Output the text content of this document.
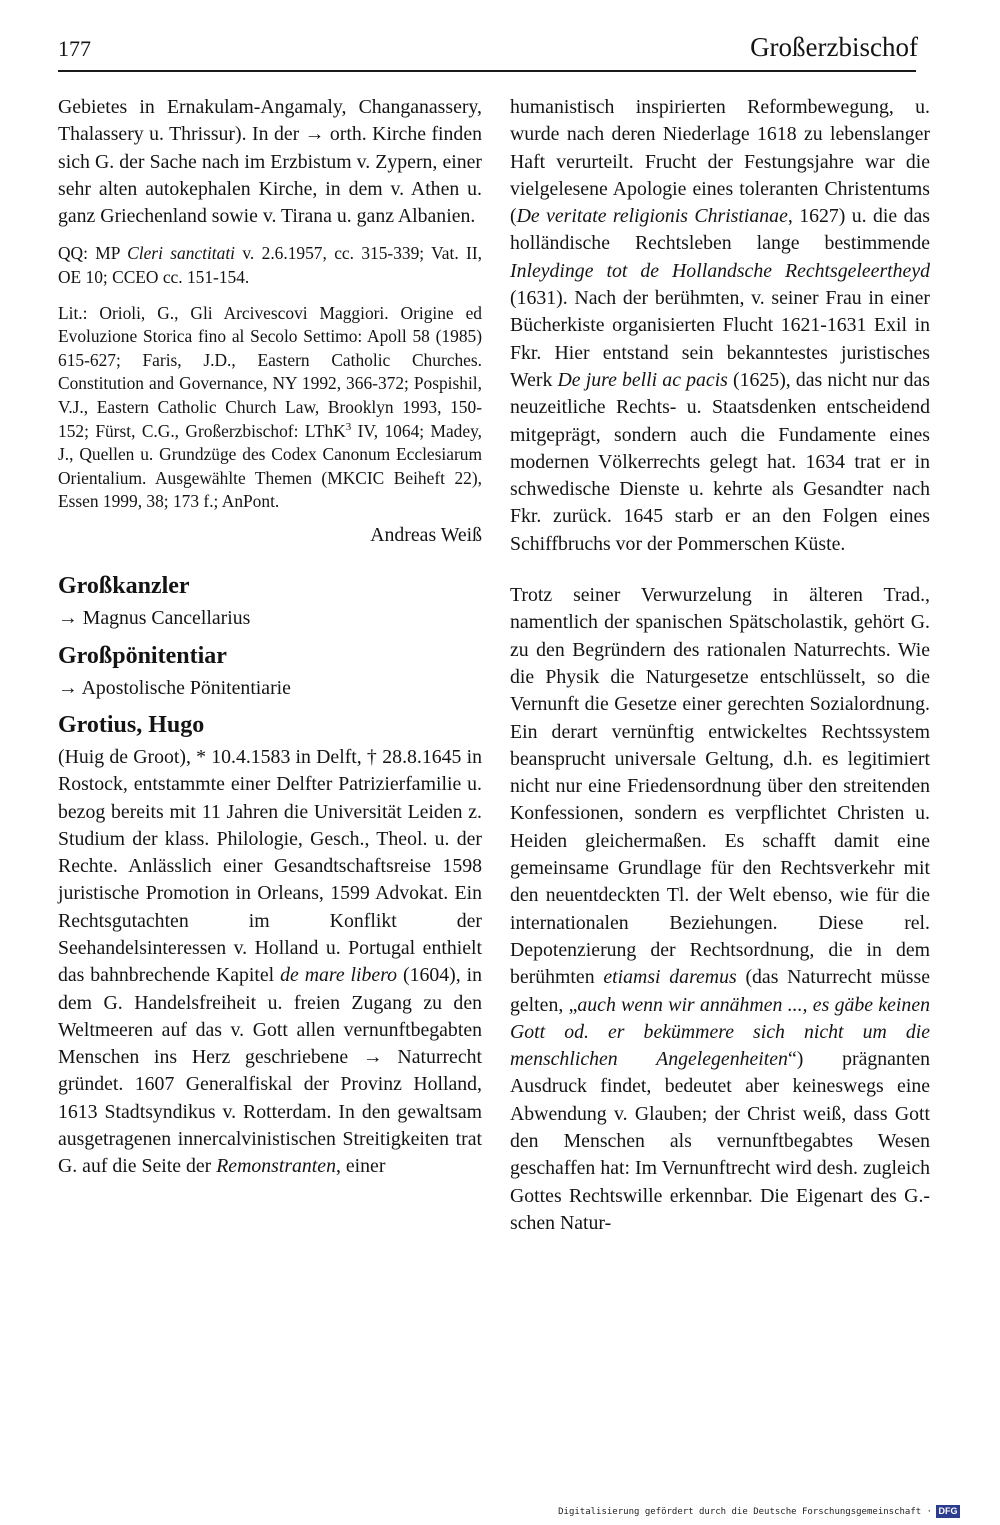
177	Großerzbischof

Gebietes in Ernakulam-Angamaly, Changanassery, Thalassery u. Thrissur). In der → orth. Kirche finden sich G. der Sache nach im Erzbistum v. Zypern, einer sehr alten autokephalen Kirche, in dem v. Athen u. ganz Griechenland sowie v. Tirana u. ganz Albanien.

QQ: MP Cleri sanctitati v. 2.6.1957, cc. 315-339; Vat. II, OE 10; CCEO cc. 151-154.

Lit.: Orioli, G., Gli Arcivescovi Maggiori. Origine ed Evoluzione Storica fino al Secolo Settimo: Apoll 58 (1985) 615-627; Faris, J.D., Eastern Catholic Churches. Constitution and Governance, NY 1992, 366-372; Pospishil, V.J., Eastern Catholic Church Law, Brooklyn 1993, 150-152; Fürst, C.G., Großerzbischof: LThK$^3$ IV, 1064; Madey, J., Quellen u. Grundzüge des Codex Canonum Ecclesiarum Orientalium. Ausgewählte Themen (MKCIC Beiheft 22), Essen 1999, 38; 173 f.; AnPont.

Andreas Weiß

Großkanzler

→ Magnus Cancellarius

Großpönitentiar

→ Apostolische Pönitentiarie

Grotius, Hugo

(Huig de Groot), * 10.4.1583 in Delft, † 28.8.1645 in Rostock, entstammte einer Delfter Patrizierfamilie u. bezog bereits mit 11 Jahren die Universität Leiden z. Studium der klass. Philologie, Gesch., Theol. u. der Rechte. Anlässlich einer Gesandtschaftsreise 1598 juristische Promotion in Orleans, 1599 Advokat. Ein Rechtsgutachten im Konflikt der Seehandelsinteressen v. Holland u. Portugal enthielt das bahnbrechende Kapitel de mare libero (1604), in dem G. Handelsfreiheit u. freien Zugang zu den Weltmeeren auf das v. Gott allen vernunftbegabten Menschen ins Herz geschriebene → Naturrecht gründet. 1607 Generalfiskal der Provinz Holland, 1613 Stadtsyndikus v. Rotterdam. In den gewaltsam ausgetragenen innercalvinistischen Streitigkeiten trat G. auf die Seite der Remonstranten, einer

humanistisch inspirierten Reformbewegung, u. wurde nach deren Niederlage 1618 zu lebenslanger Haft verurteilt. Frucht der Festungsjahre war die vielgelesene Apologie eines toleranten Christentums (De veritate religionis Christianae, 1627) u. die das holländische Rechtsleben lange bestimmende Inleydinge tot de Hollandsche Rechtsgeleertheyd (1631). Nach der berühmten, v. seiner Frau in einer Bücherkiste organisierten Flucht 1621-1631 Exil in Fkr. Hier entstand sein bekanntestes juristisches Werk De jure belli ac pacis (1625), das nicht nur das neuzeitliche Rechts- u. Staatsdenken entscheidend mitgeprägt, sondern auch die Fundamente eines modernen Völkerrechts gelegt hat. 1634 trat er in schwedische Dienste u. kehrte als Gesandter nach Fkr. zurück. 1645 starb er an den Folgen eines Schiffbruchs vor der Pommerschen Küste.

Trotz seiner Verwurzelung in älteren Trad., namentlich der spanischen Spätscholastik, gehört G. zu den Begründern des rationalen Naturrechts. Wie die Physik die Naturgesetze entschlüsselt, so die Vernunft die Gesetze einer gerechten Sozialordnung. Ein derart vernünftig entwickeltes Rechtssystem beansprucht universale Geltung, d.h. es legitimiert nicht nur eine Friedensordnung über den streitenden Konfessionen, sondern es verpflichtet Christen u. Heiden gleichermaßen. Es schafft damit eine gemeinsame Grundlage für den Rechtsverkehr mit den neuentdeckten Tl. der Welt ebenso, wie für die internationalen Beziehungen. Diese rel. Depotenzierung der Rechtsordnung, die in dem berühmten etiamsi daremus (das Naturrecht müsse gelten, „auch wenn wir annähmen ..., es gäbe keinen Gott od. er bekümmere sich nicht um die menschlichen Angelegenheiten“) prägnanten Ausdruck findet, bedeutet aber keineswegs eine Abwendung v. Glauben; der Christ weiß, dass Gott den Menschen als vernunftbegabtes Wesen geschaffen hat: Im Vernunftrecht wird desh. zugleich Gottes Rechtswille erkennbar. Die Eigenart des G.-schen Natur-

Digitalisierung gefördert durch die Deutsche Forschungsgemeinschaft · DFG
